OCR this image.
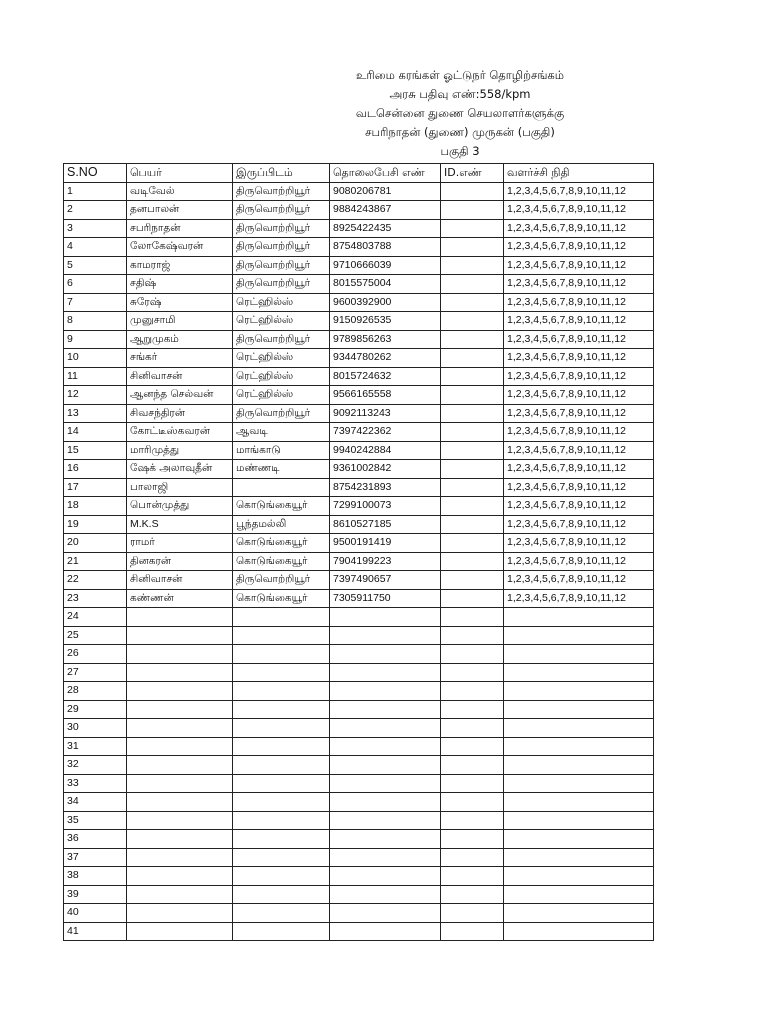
உரிமை கரங்கள் ஓட்டுநர் தொழிற்சங்கம்
அரசு பதிவு எண்:558/kpm
வடசென்னை துணை செயலாளர்களுக்கு
சபரிநாதன் (துணை) முருகன் (பகுதி)
பகுதி 3
S.NO	பெயர்	இருப்பிடம்	தொலைபேசி எண்	ID.எண்	வளர்ச்சி நிதி
1	வடிவேல்	திருவொற்றியூர்	9080206781		1,2,3,4,5,6,7,8,9,10,11,12
2	தனபாலன்	திருவொற்றியூர்	9884243867		1,2,3,4,5,6,7,8,9,10,11,12
3	சபரிநாதன்	திருவொற்றியூர்	8925422435		1,2,3,4,5,6,7,8,9,10,11,12
4	லோகேஷ்வரன்	திருவொற்றியூர்	8754803788		1,2,3,4,5,6,7,8,9,10,11,12
5	காமராஜ்	திருவொற்றியூர்	9710666039		1,2,3,4,5,6,7,8,9,10,11,12
6	சதிஷ்	திருவொற்றியூர்	8015575004		1,2,3,4,5,6,7,8,9,10,11,12
7	சுரேஷ்	ரெட்ஹில்ஸ்	9600392900		1,2,3,4,5,6,7,8,9,10,11,12
8	முனுசாமி	ரெட்ஹில்ஸ்	9150926535		1,2,3,4,5,6,7,8,9,10,11,12
9	ஆறுமுகம்	திருவொற்றியூர்	9789856263		1,2,3,4,5,6,7,8,9,10,11,12
10	சங்கர்	ரெட்ஹில்ஸ்	9344780262		1,2,3,4,5,6,7,8,9,10,11,12
11	சினிவாசன்	ரெட்ஹில்ஸ்	8015724632		1,2,3,4,5,6,7,8,9,10,11,12
12	ஆனந்த செல்வன்	ரெட்ஹில்ஸ்	9566165558		1,2,3,4,5,6,7,8,9,10,11,12
13	சிவசந்திரன்	திருவொற்றியூர்	9092113243		1,2,3,4,5,6,7,8,9,10,11,12
14	கோட்டீஸ்கவரன்	ஆவடி	7397422362		1,2,3,4,5,6,7,8,9,10,11,12
15	மாரிமுத்து	மாங்காடு	9940242884		1,2,3,4,5,6,7,8,9,10,11,12
16	ஷேக் அலாவுதீன்	மண்ணடி	9361002842		1,2,3,4,5,6,7,8,9,10,11,12
17	பாலாஜி		8754231893		1,2,3,4,5,6,7,8,9,10,11,12
18	பொன்முத்து	கொடுங்கையூர்	7299100073		1,2,3,4,5,6,7,8,9,10,11,12
19	M.K.S	பூந்தமல்லி	8610527185		1,2,3,4,5,6,7,8,9,10,11,12
20	ராமர்	கொடுங்கையூர்	9500191419		1,2,3,4,5,6,7,8,9,10,11,12
21	தினகரன்	கொடுங்கையூர்	7904199223		1,2,3,4,5,6,7,8,9,10,11,12
22	சினிவாசன்	திருவொற்றியூர்	7397490657		1,2,3,4,5,6,7,8,9,10,11,12
23	கண்ணன்	கொடுங்கையூர்	7305911750		1,2,3,4,5,6,7,8,9,10,11,12
24					
25					
26					
27					
28					
29					
30					
31					
32					
33					
34					
35					
36					
37					
38					
39					
40					
41					
